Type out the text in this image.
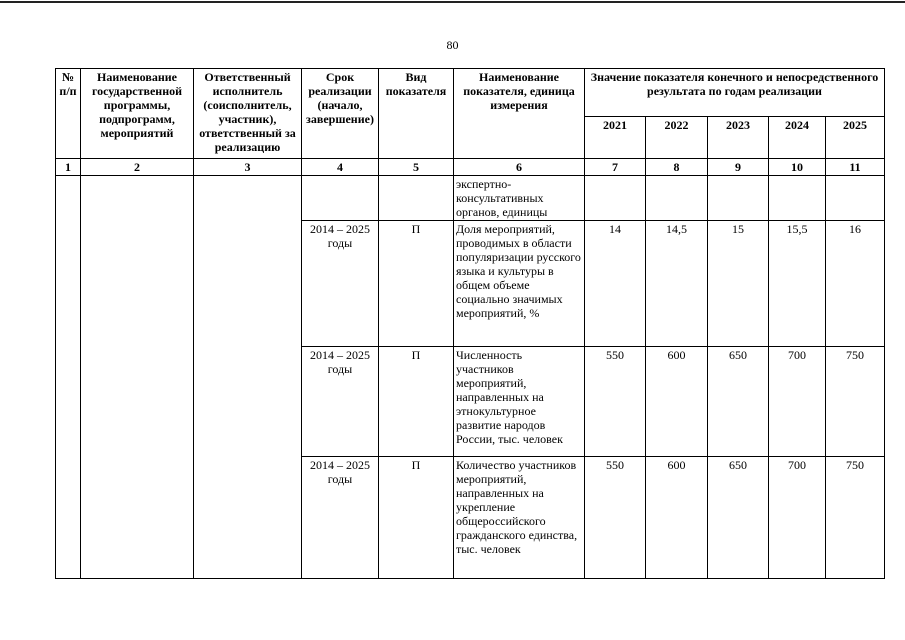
80
№ п/п	Наименование государственной программы, подпрограмм, мероприятий	Ответственный исполнитель (соисполнитель, участник), ответственный за реализацию	Срок реализации (начало, завершение)	Вид показателя	Наименование показателя, единица измерения	Значение показателя конечного и непосредственного результата по годам реализации				
						2021	2022	2023	2024	2025
1	2	3	4	5	6	7	8	9	10	11
					экспертно-консультативных органов, единицы					
			2014 – 2025 годы	П	Доля мероприятий, проводимых в области популяризации русского языка и культуры в общем объеме социально значимых мероприятий, %	14	14,5	15	15,5	16
			2014 – 2025 годы	П	Численность участников мероприятий, направленных на этнокультурное развитие народов России, тыс. человек	550	600	650	700	750
			2014 – 2025 годы	П	Количество участников мероприятий, направленных на укрепление общероссийского гражданского единства, тыс. человек	550	600	650	700	750
